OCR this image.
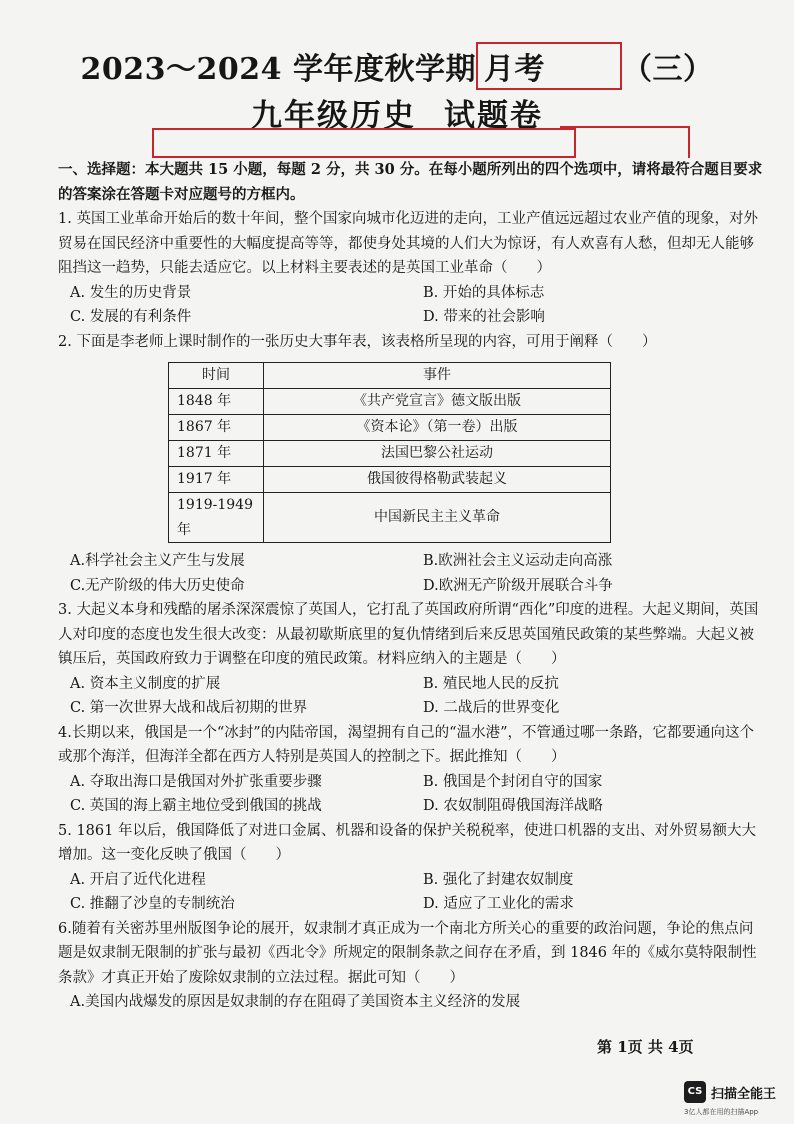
2023～2024 学年度秋学期 月考	（三）
九年级历史 试题卷

一、选择题：本大题共 15 小题，每题 2 分，共 30 分。在每小题所列出的四个选项中，请将最符合题目要求的答案涂在答题卡对应题号的方框内。

1. 英国工业革命开始后的数十年间，整个国家向城市化迈进的走向，工业产值远远超过农业产值的现象，对外贸易在国民经济中重要性的大幅度提高等等，都使身处其境的人们大为惊讶，有人欢喜有人愁，但却无人能够阻挡这一趋势，只能去适应它。以上材料主要表述的是英国工业革命（　　）

A. 发生的历史背景	B. 开始的具体标志
C. 发展的有利条件	D. 带来的社会影响

2. 下面是李老师上课时制作的一张历史大事年表，该表格所呈现的内容，可用于阐释（　　）

时间	事件
1848 年	《共产党宣言》德文版出版
1867 年	《资本论》（第一卷）出版
1871 年	法国巴黎公社运动
1917 年	俄国彼得格勒武装起义
1919-1949 年	中国新民主主义革命
A.科学社会主义产生与发展	B.欧洲社会主义运动走向高涨
C.无产阶级的伟大历史使命	D.欧洲无产阶级开展联合斗争

3. 大起义本身和残酷的屠杀深深震惊了英国人，它打乱了英国政府所谓“西化”印度的进程。大起义期间，英国人对印度的态度也发生很大改变：从最初歇斯底里的复仇情绪到后来反思英国殖民政策的某些弊端。大起义被镇压后，英国政府致力于调整在印度的殖民政策。材料应纳入的主题是（　　）

A. 资本主义制度的扩展	B. 殖民地人民的反抗
C. 第一次世界大战和战后初期的世界	D. 二战后的世界变化

4.长期以来，俄国是一个“冰封”的内陆帝国，渴望拥有自己的“温水港”，不管通过哪一条路，它都要通向这个或那个海洋，但海洋全都在西方人特别是英国人的控制之下。据此推知（　　）

A. 夺取出海口是俄国对外扩张重要步骤	B. 俄国是个封闭自守的国家
C. 英国的海上霸主地位受到俄国的挑战	D. 农奴制阻碍俄国海洋战略

5. 1861 年以后，俄国降低了对进口金属、机器和设备的保护关税税率，使进口机器的支出、对外贸易额大大增加。这一变化反映了俄国（　　）

A. 开启了近代化进程	B. 强化了封建农奴制度
C. 推翻了沙皇的专制统治	D. 适应了工业化的需求

6.随着有关密苏里州版图争论的展开，奴隶制才真正成为一个南北方所关心的重要的政治问题，争论的焦点问题是奴隶制无限制的扩张与最初《西北令》所规定的限制条款之间存在矛盾，到 1846 年的《威尔莫特限制性条款》才真正开始了废除奴隶制的立法过程。据此可知（　　）

A.美国内战爆发的原因是奴隶制的存在阻碍了美国资本主义经济的发展
第 1页 共 4页
CS 扫描全能王
3亿人都在用的扫描App
